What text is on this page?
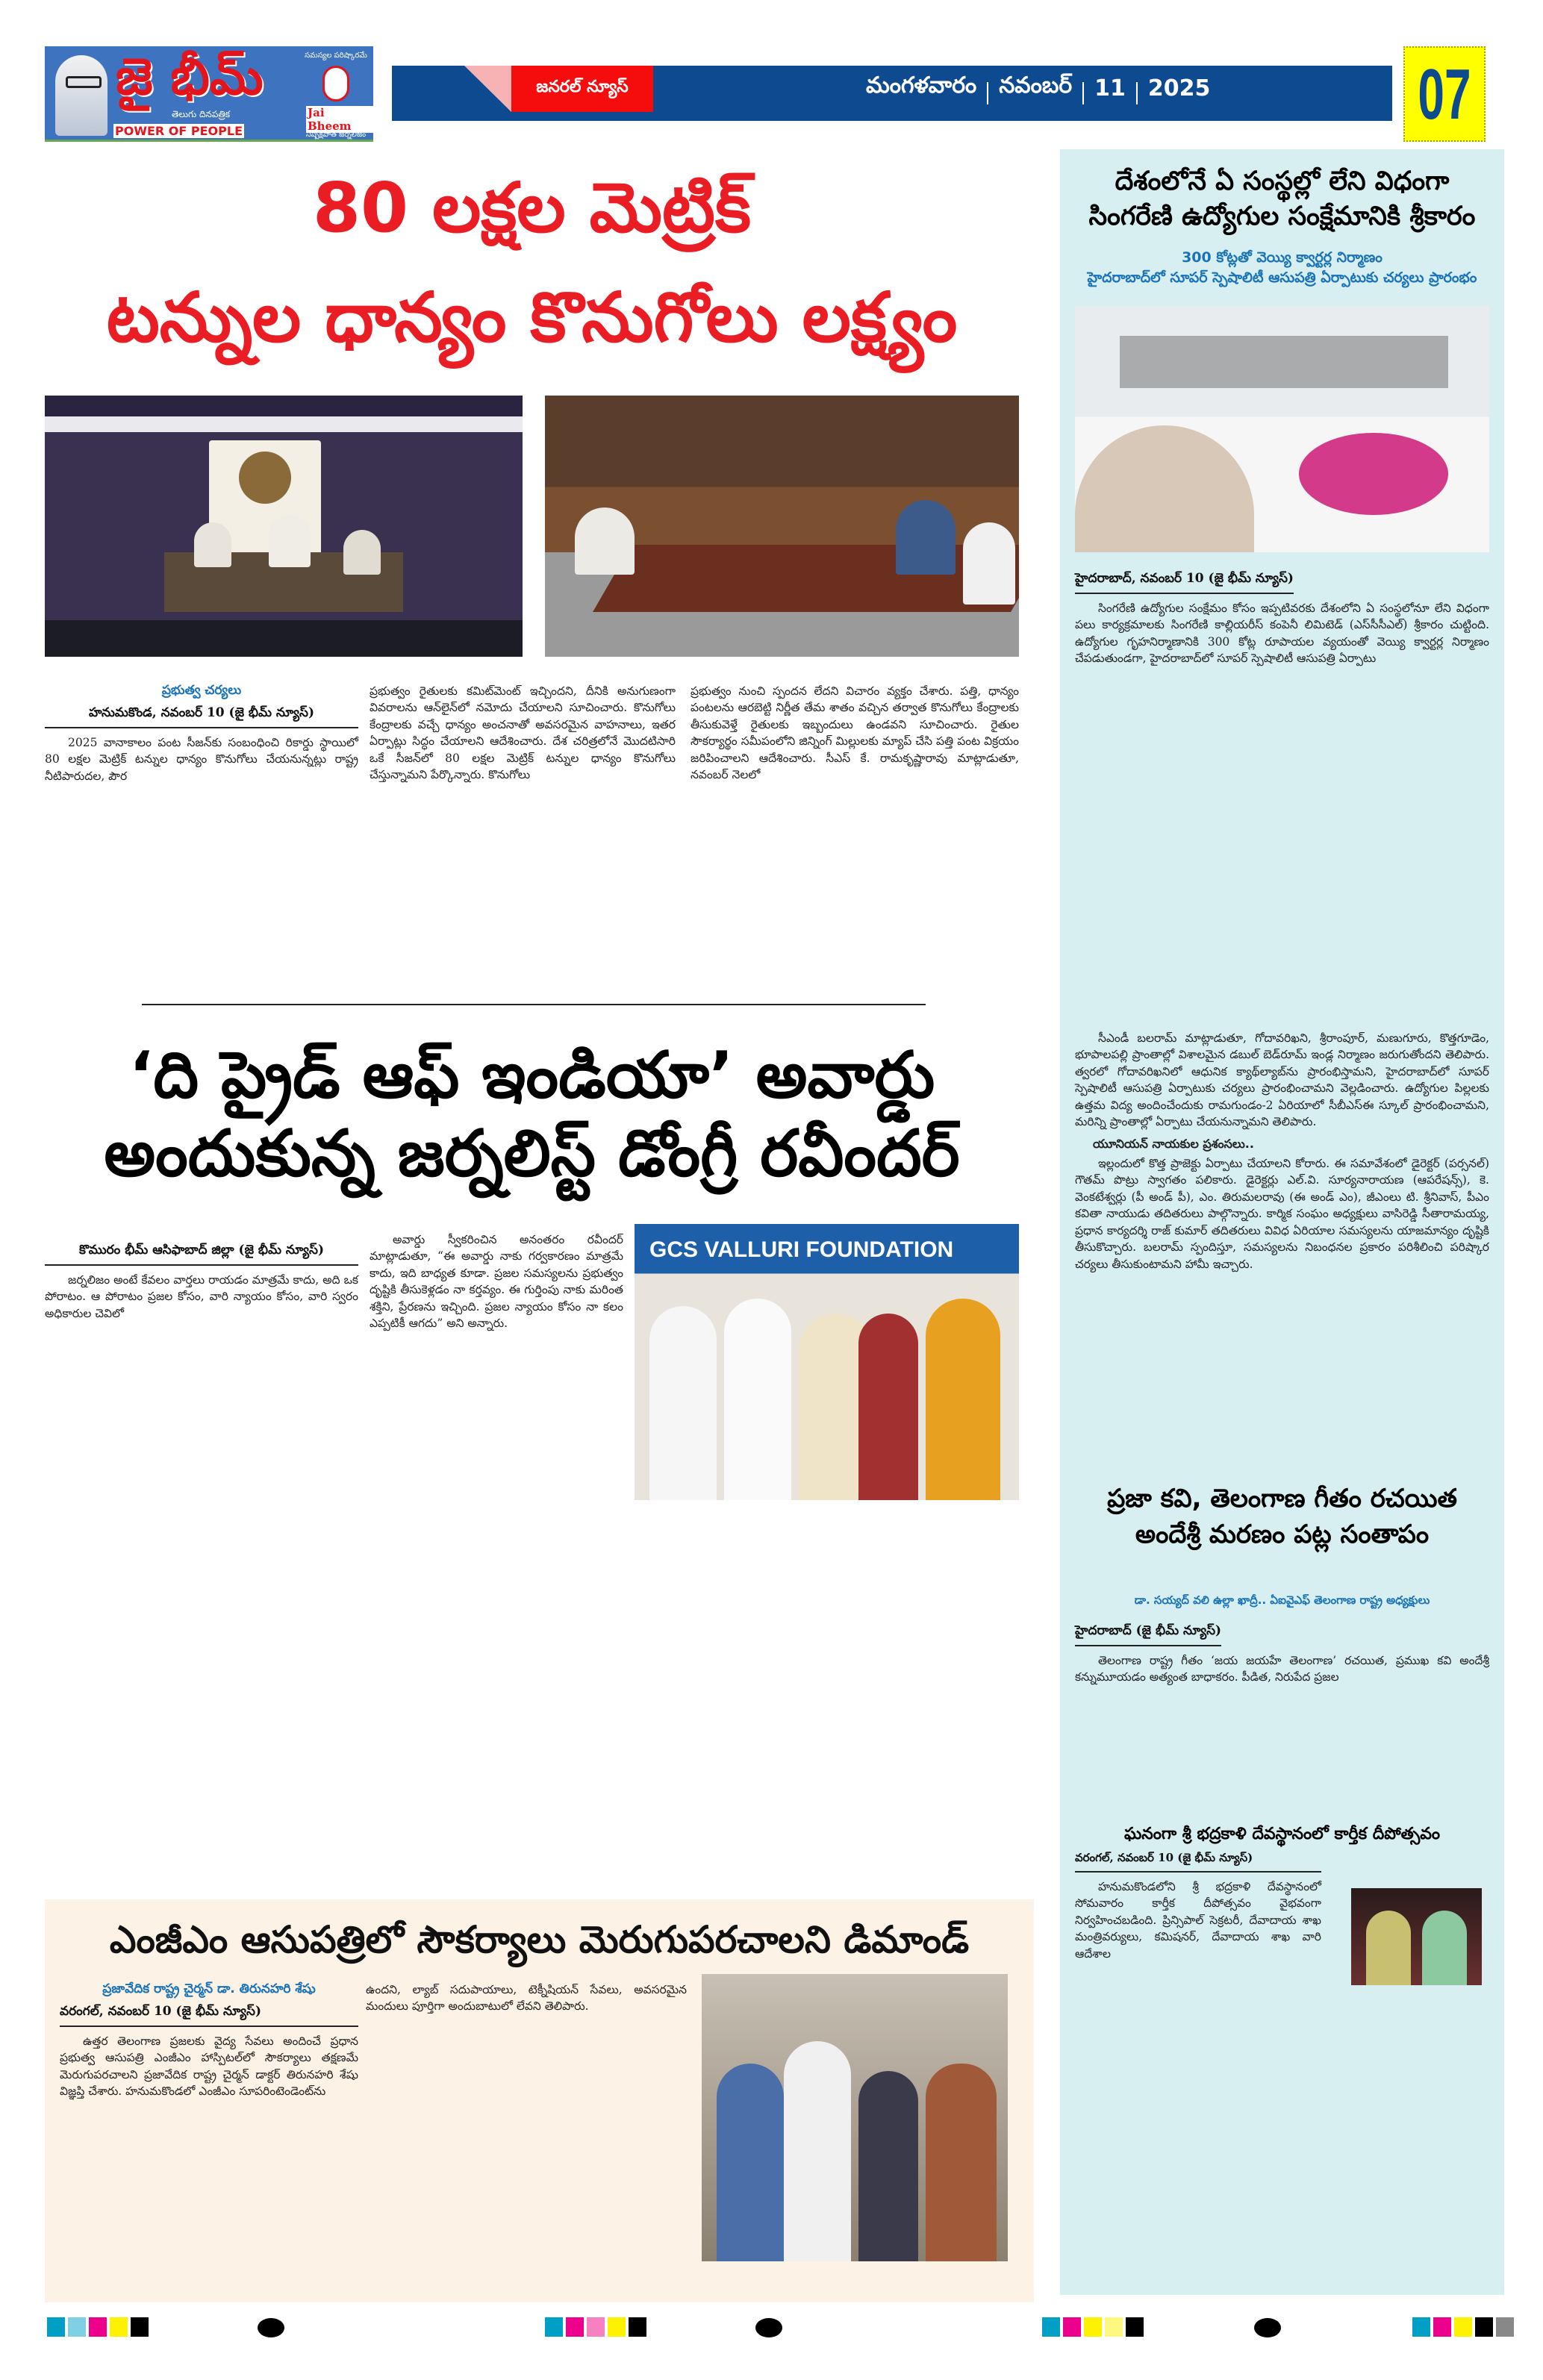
జై భీమ్
తెలుగు దినపత్రిక
POWER OF PEOPLE
సమస్యల పరిష్కారమే
Jai Bheem
నిష్పక్షపాత జర్నలిజం
జనరల్ న్యూస్	మంగళవారం నవంబర్ 11 2025	07
80 లక్షల మెట్రిక్
టన్నుల ధాన్యం కొనుగోలు లక్ష్యం
ప్రభుత్వ చర్యలు
హనుమకొండ, నవంబర్ 10 (జై భీమ్ న్యూస్)

2025 వానాకాలం పంట సీజన్‌కు సంబంధించి రికార్డు స్థాయిలో 80 లక్షల మెట్రిక్ టన్నుల ధాన్యం కొనుగోలు చేయనున్నట్లు రాష్ట్ర నీటిపారుదల, పౌర

ప్రభుత్వం రైతులకు కమిట్‌మెంట్ ఇచ్చిందని, దీనికి అనుగుణంగా వివరాలను ఆన్‌లైన్‌లో నమోదు చేయాలని సూచించారు. కొనుగోలు కేంద్రాలకు వచ్చే ధాన్యం అంచనాతో అవసరమైన వాహనాలు, ఇతర ఏర్పాట్లు సిద్ధం చేయాలని ఆదేశించారు. దేశ చరిత్రలోనే మొదటిసారి ఒకే సీజన్‌లో 80 లక్షల మెట్రిక్ టన్నుల ధాన్యం కొనుగోలు చేస్తున్నామని పేర్కొన్నారు. కొనుగోలు

ప్రభుత్వం నుంచి స్పందన లేదని విచారం వ్యక్తం చేశారు. పత్తి, ధాన్యం పంటలను ఆరబెట్టి నిర్ణీత తేమ శాతం వచ్చిన తర్వాత కొనుగోలు కేంద్రాలకు తీసుకువెళ్తే రైతులకు ఇబ్బందులు ఉండవని సూచించారు. రైతుల సౌకర్యార్థం సమీపంలోని జిన్నింగ్ మిల్లులకు మ్యాప్ చేసి పత్తి పంట విక్రయం జరిపించాలని ఆదేశించారు. సీఎస్ కే. రామకృష్ణారావు మాట్లాడుతూ, నవంబర్ నెలలో

‘ది ప్రైడ్ ఆఫ్ ఇండియా’ అవార్డు
అందుకున్న జర్నలిస్ట్ డోంగ్రీ రవీందర్
కొమురం భీమ్ ఆసిఫాబాద్ జిల్లా (జై భీమ్ న్యూస్)

జర్నలిజం అంటే కేవలం వార్తలు రాయడం మాత్రమే కాదు, అది ఒక పోరాటం. ఆ పోరాటం ప్రజల కోసం, వారి న్యాయం కోసం, వారి స్వరం అధికారుల చెవిలో

అవార్డు స్వీకరించిన అనంతరం రవీందర్ మాట్లాడుతూ, “ఈ అవార్డు నాకు గర్వకారణం మాత్రమే కాదు, ఇది బాధ్యత కూడా. ప్రజల సమస్యలను ప్రభుత్వం దృష్టికి తీసుకెళ్లడం నా కర్తవ్యం. ఈ గుర్తింపు నాకు మరింత శక్తిని, ప్రేరణను ఇచ్చింది. ప్రజల న్యాయం కోసం నా కలం ఎప్పటికీ ఆగదు” అని అన్నారు.

GCS VALLURI FOUNDATION
ఎంజీఎం ఆసుపత్రిలో సౌకర్యాలు మెరుగుపరచాలని డిమాండ్
ప్రజావేదిక రాష్ట్ర చైర్మన్ డా. తిరునహరి శేషు
వరంగల్, నవంబర్ 10 (జై భీమ్ న్యూస్)

ఉత్తర తెలంగాణ ప్రజలకు వైద్య సేవలు అందించే ప్రధాన ప్రభుత్వ ఆసుపత్రి ఎంజీఎం హాస్పిటల్‌లో సౌకర్యాలు తక్షణమే మెరుగుపరచాలని ప్రజావేదిక రాష్ట్ర చైర్మన్ డాక్టర్ తిరునహరి శేషు విజ్ఞప్తి చేశారు. హనుమకొండలో ఎంజీఎం సూపరింటెండెంట్‌ను

ఉందని, ల్యాబ్ సదుపాయాలు, టెక్నీషియన్ సేవలు, అవసరమైన మందులు పూర్తిగా అందుబాటులో లేవని తెలిపారు.

దేశంలోనే ఏ సంస్థల్లో లేని విధంగా
సింగరేణి ఉద్యోగుల సంక్షేమానికి శ్రీకారం
300 కోట్లతో వెయ్యి క్వార్టర్ల నిర్మాణం
హైదరాబాద్‌లో సూపర్ స్పెషాలిటీ ఆసుపత్రి ఏర్పాటుకు చర్యలు ప్రారంభం
హైదరాబాద్, నవంబర్ 10 (జై భీమ్ న్యూస్)

సింగరేణి ఉద్యోగుల సంక్షేమం కోసం ఇప్పటివరకు దేశంలోని ఏ సంస్థలోనూ లేని విధంగా పలు కార్యక్రమాలకు సింగరేణి కాల్లియరీస్ కంపెనీ లిమిటెడ్ (ఎస్‌సీసీఎల్) శ్రీకారం చుట్టింది. ఉద్యోగుల గృహనిర్మాణానికి 300 కోట్ల రూపాయల వ్యయంతో వెయ్యి క్వార్టర్ల నిర్మాణం చేపడుతుండగా, హైదరాబాద్‌లో సూపర్ స్పెషాలిటీ ఆసుపత్రి ఏర్పాటు

సీఎండీ బలరామ్ మాట్లాడుతూ, గోదావరిఖని, శ్రీరాంపూర్, మణుగూరు, కొత్తగూడెం, భూపాలపల్లి ప్రాంతాల్లో విశాలమైన డబుల్ బెడ్‌రూమ్ ఇండ్ల నిర్మాణం జరుగుతోందని తెలిపారు. త్వరలో గోదావరిఖనిలో ఆధునిక క్యాథ్‌ల్యాబ్‌ను ప్రారంభిస్తామని, హైదరాబాద్‌లో సూపర్ స్పెషాలిటీ ఆసుపత్రి ఏర్పాటుకు చర్యలు ప్రారంభించామని వెల్లడించారు. ఉద్యోగుల పిల్లలకు ఉత్తమ విద్య అందించేందుకు రామగుండం-2 ఏరియాలో సీబీఎస్‌ఈ స్కూల్ ప్రారంభించామని, మరిన్ని ప్రాంతాల్లో ఏర్పాటు చేయనున్నామని తెలిపారు.

యూనియన్ నాయకుల ప్రశంసలు..

ఇల్లందులో కొత్త ప్రాజెక్టు ఏర్పాటు చేయాలని కోరారు. ఈ సమావేశంలో డైరెక్టర్ (పర్సనల్) గౌతమ్ పొట్రు స్వాగతం పలికారు. డైరెక్టర్లు ఎల్.వి. సూర్యనారాయణ (ఆపరేషన్స్), కె. వెంకటేశ్వర్లు (పీ అండ్ పీ), ఎం. తిరుమలరావు (ఈ అండ్ ఎం), జీఎంలు టి. శ్రీనివాస్, పీఎం కవితా నాయుడు తదితరులు పాల్గొన్నారు. కార్మిక సంఘం అధ్యక్షులు వాసిరెడ్డి సీతారామయ్య, ప్రధాన కార్యదర్శి రాజ్ కుమార్ తదితరులు వివిధ ఏరియాల సమస్యలను యాజమాన్యం దృష్టికి తీసుకొచ్చారు. బలరామ్ స్పందిస్తూ, సమస్యలను నిబంధనల ప్రకారం పరిశీలించి పరిష్కార చర్యలు తీసుకుంటామని హామీ ఇచ్చారు.

ప్రజా కవి, తెలంగాణ గీతం రచయిత
అందేశ్రీ మరణం పట్ల సంతాపం
డా. సయ్యద్ వలి ఉల్లా ఖాద్రీ.. ఏఐవైఎఫ్ తెలంగాణ రాష్ట్ర అధ్యక్షులు
హైదరాబాద్ (జై భీమ్ న్యూస్)

తెలంగాణ రాష్ట్ర గీతం ‘జయ జయహే తెలంగాణ’ రచయిత, ప్రముఖ కవి అందేశ్రీ కన్నుమూయడం అత్యంత బాధాకరం. పీడిత, నిరుపేద ప్రజల

ఘనంగా శ్రీ భద్రకాళి దేవస్థానంలో కార్తీక దీపోత్సవం
వరంగల్, నవంబర్ 10 (జై భీమ్ న్యూస్)

హనుమకొండలోని శ్రీ భద్రకాళి దేవస్థానంలో సోమవారం కార్తీక దీపోత్సవం వైభవంగా నిర్వహించబడింది. ప్రిన్సిపాల్ సెక్రటరీ, దేవాదాయ శాఖ మంత్రివర్యులు, కమిషనర్, దేవాదాయ శాఖ వారి ఆదేశాల
